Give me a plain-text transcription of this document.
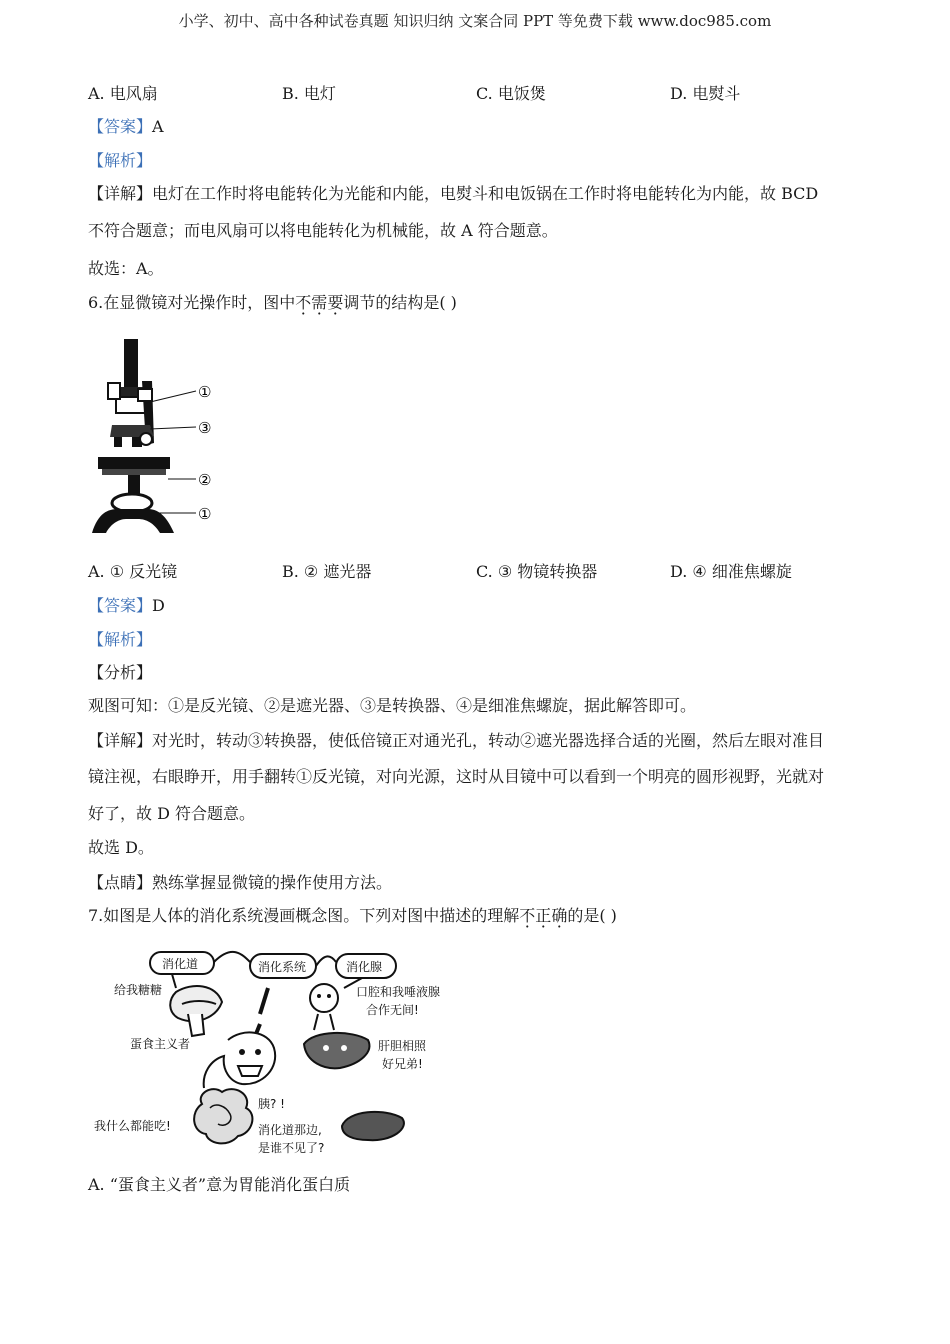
小学、初中、高中各种试卷真题 知识归纳 文案合同 PPT 等免费下载 www.doc985.com
A. 电风扇	B. 电灯	C. 电饭煲	D. 电熨斗
【答案】A
【解析】
【详解】电灯在工作时将电能转化为光能和内能，电熨斗和电饭锅在工作时将电能转化为内能，故 BCD
不符合题意；而电风扇可以将电能转化为机械能，故 A 符合题意。
故选：A。
6.在显微镜对光操作时，图中不需要调节的结构是( )
①
③
②
①
A. ① 反光镜	B. ② 遮光器	C. ③ 物镜转换器	D. ④ 细准焦螺旋
【答案】D
【解析】
【分析】
观图可知：①是反光镜、②是遮光器、③是转换器、④是细准焦螺旋，据此解答即可。
【详解】对光时，转动③转换器，使低倍镜正对通光孔，转动②遮光器选择合适的光圈，然后左眼对准目
镜注视，右眼睁开，用手翻转①反光镜，对向光源，这时从目镜中可以看到一个明亮的圆形视野，光就对
好了，故 D 符合题意。
故选 D。
【点睛】熟练掌握显微镜的操作使用方法。
7.如图是人体的消化系统漫画概念图。下列对图中描述的理解不正确的是( )
消化道	消化系统	消化腺
给我糖糖	口腔和我唾液腺
合作无间!
蛋食主义者	肝胆相照
好兄弟!
我什么都能吃!
胰? !
消化道那边,
是谁不见了?
A. “蛋食主义者”意为胃能消化蛋白质
